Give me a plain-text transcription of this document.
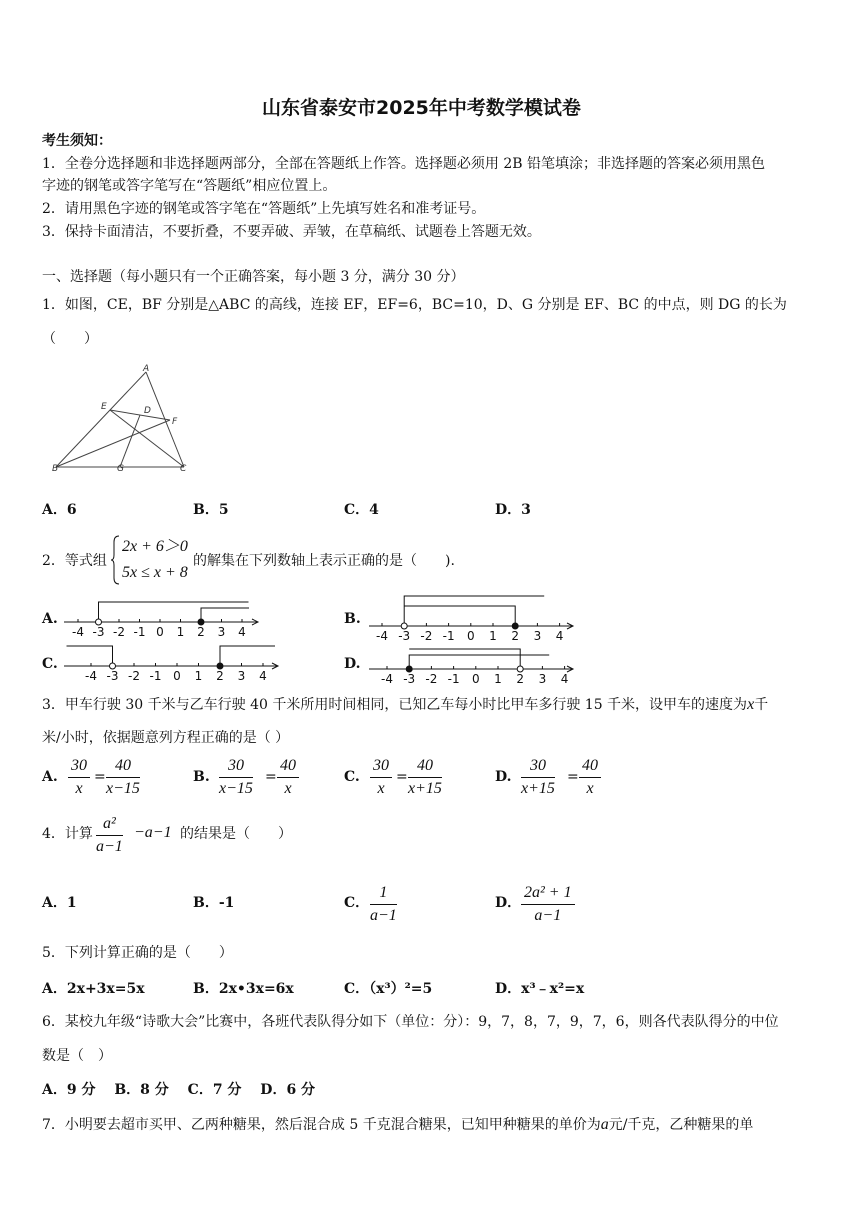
山东省泰安市2025年中考数学模试卷
考生须知：
1．全卷分选择题和非选择题两部分，全部在答题纸上作答。选择题必须用 2B 铅笔填涂；非选择题的答案必须用黑色
字迹的钢笔或答字笔写在“答题纸”相应位置上。
2．请用黑色字迹的钢笔或答字笔在“答题纸”上先填写姓名和准考证号。
3．保持卡面清洁，不要折叠，不要弄破、弄皱，在草稿纸、试题卷上答题无效。
一、选择题（每小题只有一个正确答案，每小题 3 分，满分 30 分）
1．如图，CE，BF 分别是△ABC 的高线，连接 EF，EF=6，BC=10，D、G 分别是 EF、BC 的中点，则 DG 的长为
（　　）
A
E	D
F
B	G	C
A．6	B．5	C．4	D．3
2．等式组
2x + 6＞0
5x ≤ x + 8
的解集在下列数轴上表示正确的是（　　).
A.	B.
C.	D.
-4 -3 -2 -1 0 1 2 3 4	-4 -3 -2 -1 0 1 2 3 4
-4 -3 -2 -1 0 1 2 3 4	-4 -3 -2 -1 0 1 2 3 4
3．甲车行驶 30 千米与乙车行驶 40 千米所用时间相同，已知乙车每小时比甲车多行驶 15 千米，设甲车的速度为x千
米/小时，依据题意列方程正确的是（ ）
A. $\frac{30}{x} = \frac{40}{x-15}$	B. $\frac{30}{x-15} = \frac{40}{x}$	C. $\frac{30}{x} = \frac{40}{x+15}$	D. $\frac{30}{x+15} = \frac{40}{x}$
4．计算 $\frac{\text{a²}}{a-1} -a-1$ 的结果是（　　）
A．1	B．-1	C． $\frac{1}{a-1}$	D． $\frac{\text{2a² + 1}}{a-1}$
5．下列计算正确的是（　　）
A．2x+3x=5x	B．2x•3x=6x	C．（x³）²=5	D．x³﹣x²=x
6．某校九年级“诗歌大会”比赛中，各班代表队得分如下（单位：分）：9，7，8，7，9，7，6，则各代表队得分的中位
数是（　）
A．9 分　 B．8 分　 C．7 分　 D．6 分
7．小明要去超市买甲、乙两种糖果，然后混合成 5 千克混合糖果，已知甲种糖果的单价为a元/千克，乙种糖果的单
